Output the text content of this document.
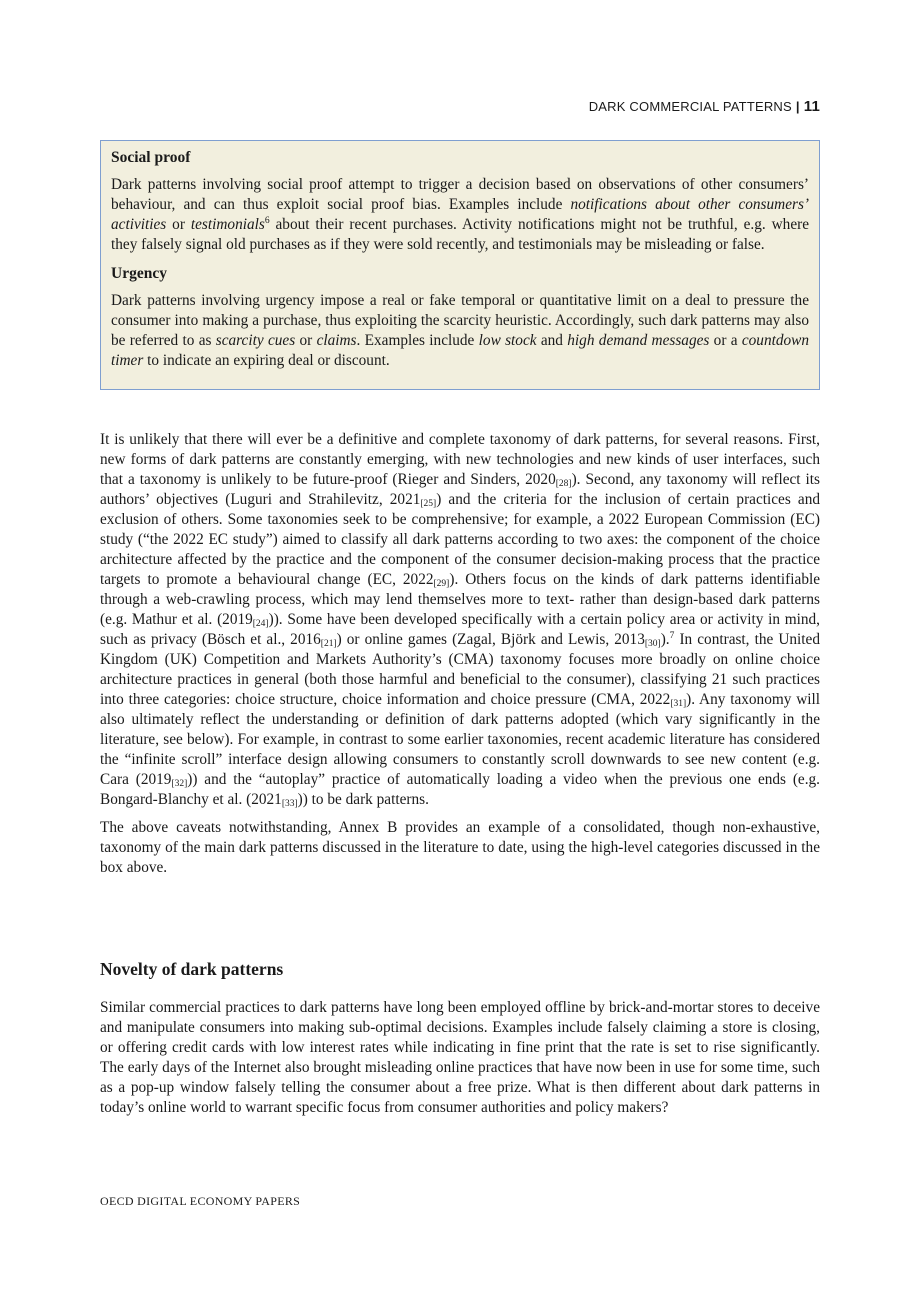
DARK COMMERCIAL PATTERNS | 11
Social proof

Dark patterns involving social proof attempt to trigger a decision based on observations of other consumers’ behaviour, and can thus exploit social proof bias. Examples include notifications about other consumers’ activities or testimonials$^6$ about their recent purchases. Activity notifications might not be truthful, e.g. where they falsely signal old purchases as if they were sold recently, and testimonials may be misleading or false.

Urgency

Dark patterns involving urgency impose a real or fake temporal or quantitative limit on a deal to pressure the consumer into making a purchase, thus exploiting the scarcity heuristic. Accordingly, such dark patterns may also be referred to as scarcity cues or claims. Examples include low stock and high demand messages or a countdown timer to indicate an expiring deal or discount.

It is unlikely that there will ever be a definitive and complete taxonomy of dark patterns, for several reasons. First, new forms of dark patterns are constantly emerging, with new technologies and new kinds of user interfaces, such that a taxonomy is unlikely to be future-proof (Rieger and Sinders, $2020_{[28]}$). Second, any taxonomy will reflect its authors’ objectives (Luguri and Strahilevitz, $2021_{[25]}$) and the criteria for the inclusion of certain practices and exclusion of others. Some taxonomies seek to be comprehensive; for example, a 2022 European Commission (EC) study (“the 2022 EC study”) aimed to classify all dark patterns according to two axes: the component of the choice architecture affected by the practice and the component of the consumer decision-making process that the practice targets to promote a behavioural change (EC, $2022_{[29]}$). Others focus on the kinds of dark patterns identifiable through a web-crawling process, which may lend themselves more to text- rather than design-based dark patterns (e.g. Mathur et al. $(2019_{[24]})$). Some have been developed specifically with a certain policy area or activity in mind, such as privacy (Bösch et al., $2016_{[21]}$) or online games (Zagal, Björk and Lewis, $2013_{[30]}).^7$ In contrast, the United Kingdom (UK) Competition and Markets Authority’s (CMA) taxonomy focuses more broadly on online choice architecture practices in general (both those harmful and beneficial to the consumer), classifying 21 such practices into three categories: choice structure, choice information and choice pressure (CMA, $2022_{[31]}$). Any taxonomy will also ultimately reflect the understanding or definition of dark patterns adopted (which vary significantly in the literature, see below). For example, in contrast to some earlier taxonomies, recent academic literature has considered the “infinite scroll” interface design allowing consumers to constantly scroll downwards to see new content (e.g. Cara $(2019_{[32]})$) and the “autoplay” practice of automatically loading a video when the previous one ends (e.g. Bongard-Blanchy et al. $(2021_{[33]})$) to be dark patterns.

The above caveats notwithstanding, Annex B provides an example of a consolidated, though non-exhaustive, taxonomy of the main dark patterns discussed in the literature to date, using the high-level categories discussed in the box above.

Novelty of dark patterns

Similar commercial practices to dark patterns have long been employed offline by brick-and-mortar stores to deceive and manipulate consumers into making sub-optimal decisions. Examples include falsely claiming a store is closing, or offering credit cards with low interest rates while indicating in fine print that the rate is set to rise significantly. The early days of the Internet also brought misleading online practices that have now been in use for some time, such as a pop-up window falsely telling the consumer about a free prize. What is then different about dark patterns in today’s online world to warrant specific focus from consumer authorities and policy makers?

OECD DIGITAL ECONOMY PAPERS
